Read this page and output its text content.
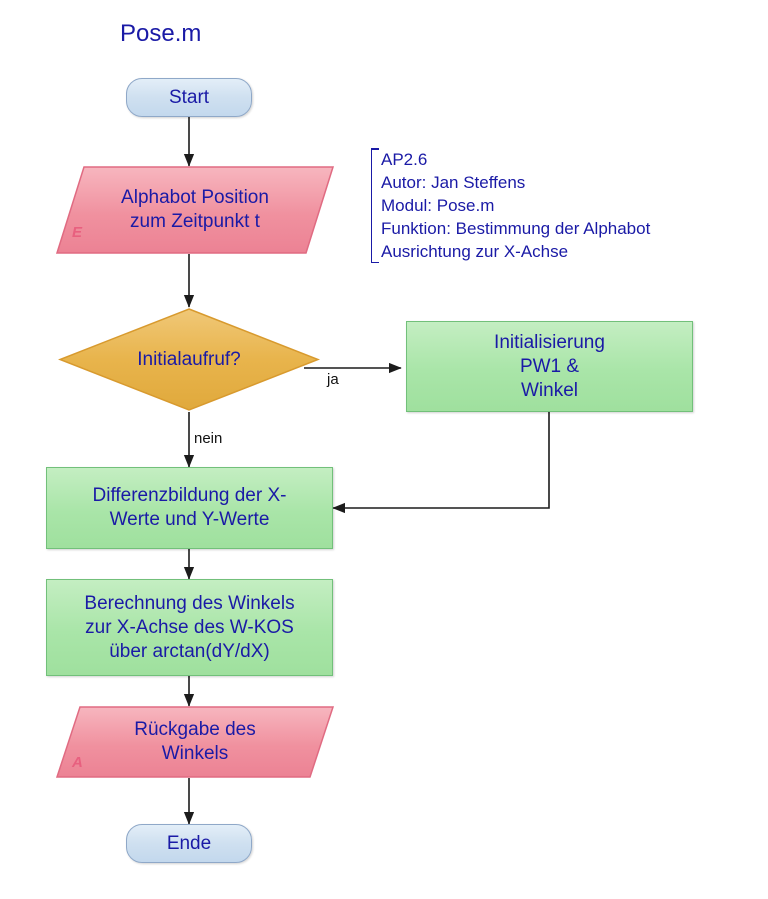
Pose.m
AP2.6
Autor: Jan Steffens
Modul: Pose.m
Funktion: Bestimmung der Alphabot
Ausrichtung zur X-Achse
Start
Alphabot Position
zum Zeitpunkt t
E
Initialaufruf?
ja
nein
Initialisierung
PW1 &
Winkel
Differenzbildung der X-
Werte und Y-Werte
Berechnung des Winkels
zur X-Achse des W-KOS
über arctan(dY/dX)
Rückgabe des
Winkels
A
Ende
